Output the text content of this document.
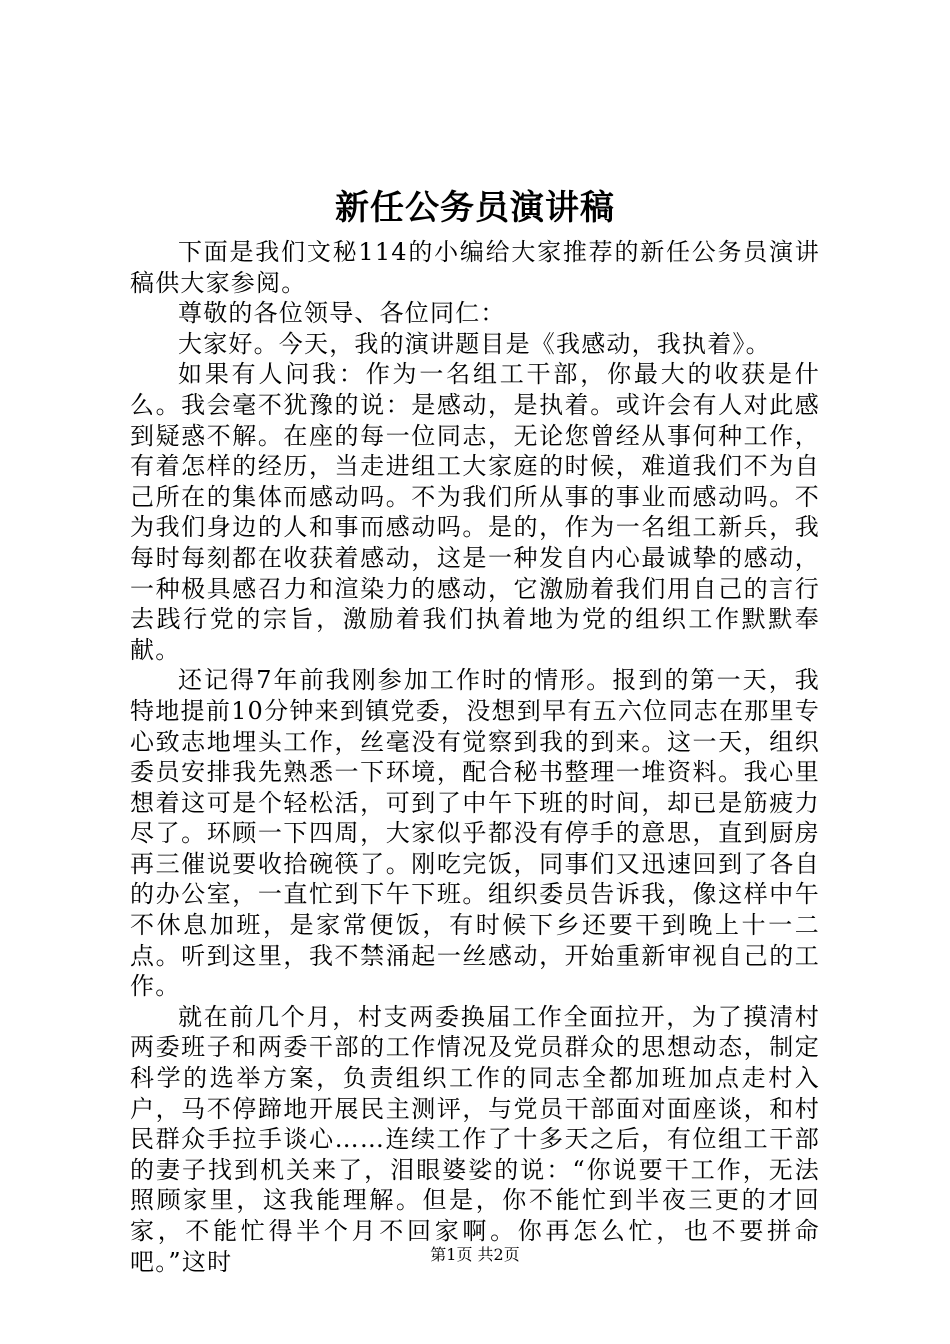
新任公务员演讲稿

下面是我们文秘114的小编给大家推荐的新任公务员演讲稿供大家参阅。

尊敬的各位领导、各位同仁：

大家好。今天，我的演讲题目是《我感动，我执着》。

如果有人问我：作为一名组工干部，你最大的收获是什么。我会毫不犹豫的说：是感动，是执着。或许会有人对此感到疑惑不解。在座的每一位同志，无论您曾经从事何种工作，有着怎样的经历，当走进组工大家庭的时候，难道我们不为自己所在的集体而感动吗。不为我们所从事的事业而感动吗。不为我们身边的人和事而感动吗。是的，作为一名组工新兵，我每时每刻都在收获着感动，这是一种发自内心最诚挚的感动，一种极具感召力和渲染力的感动，它激励着我们用自己的言行去践行党的宗旨，激励着我们执着地为党的组织工作默默奉献。

还记得7年前我刚参加工作时的情形。报到的第一天，我特地提前10分钟来到镇党委，没想到早有五六位同志在那里专心致志地埋头工作，丝毫没有觉察到我的到来。这一天，组织委员安排我先熟悉一下环境，配合秘书整理一堆资料。我心里想着这可是个轻松活，可到了中午下班的时间，却已是筋疲力尽了。环顾一下四周，大家似乎都没有停手的意思，直到厨房再三催说要收拾碗筷了。刚吃完饭，同事们又迅速回到了各自的办公室，一直忙到下午下班。组织委员告诉我，像这样中午不休息加班，是家常便饭，有时候下乡还要干到晚上十一二点。听到这里，我不禁涌起一丝感动，开始重新审视自己的工作。

就在前几个月，村支两委换届工作全面拉开，为了摸清村两委班子和两委干部的工作情况及党员群众的思想动态，制定科学的选举方案，负责组织工作的同志全都加班加点走村入户，马不停蹄地开展民主测评，与党员干部面对面座谈，和村民群众手拉手谈心……连续工作了十多天之后，有位组工干部的妻子找到机关来了，泪眼婆娑的说：“你说要干工作，无法照顾家里，这我能理解。但是，你不能忙到半夜三更的才回家，不能忙得半个月不回家啊。你再怎么忙，也不要拼命吧。”这时	第1页 共2页
